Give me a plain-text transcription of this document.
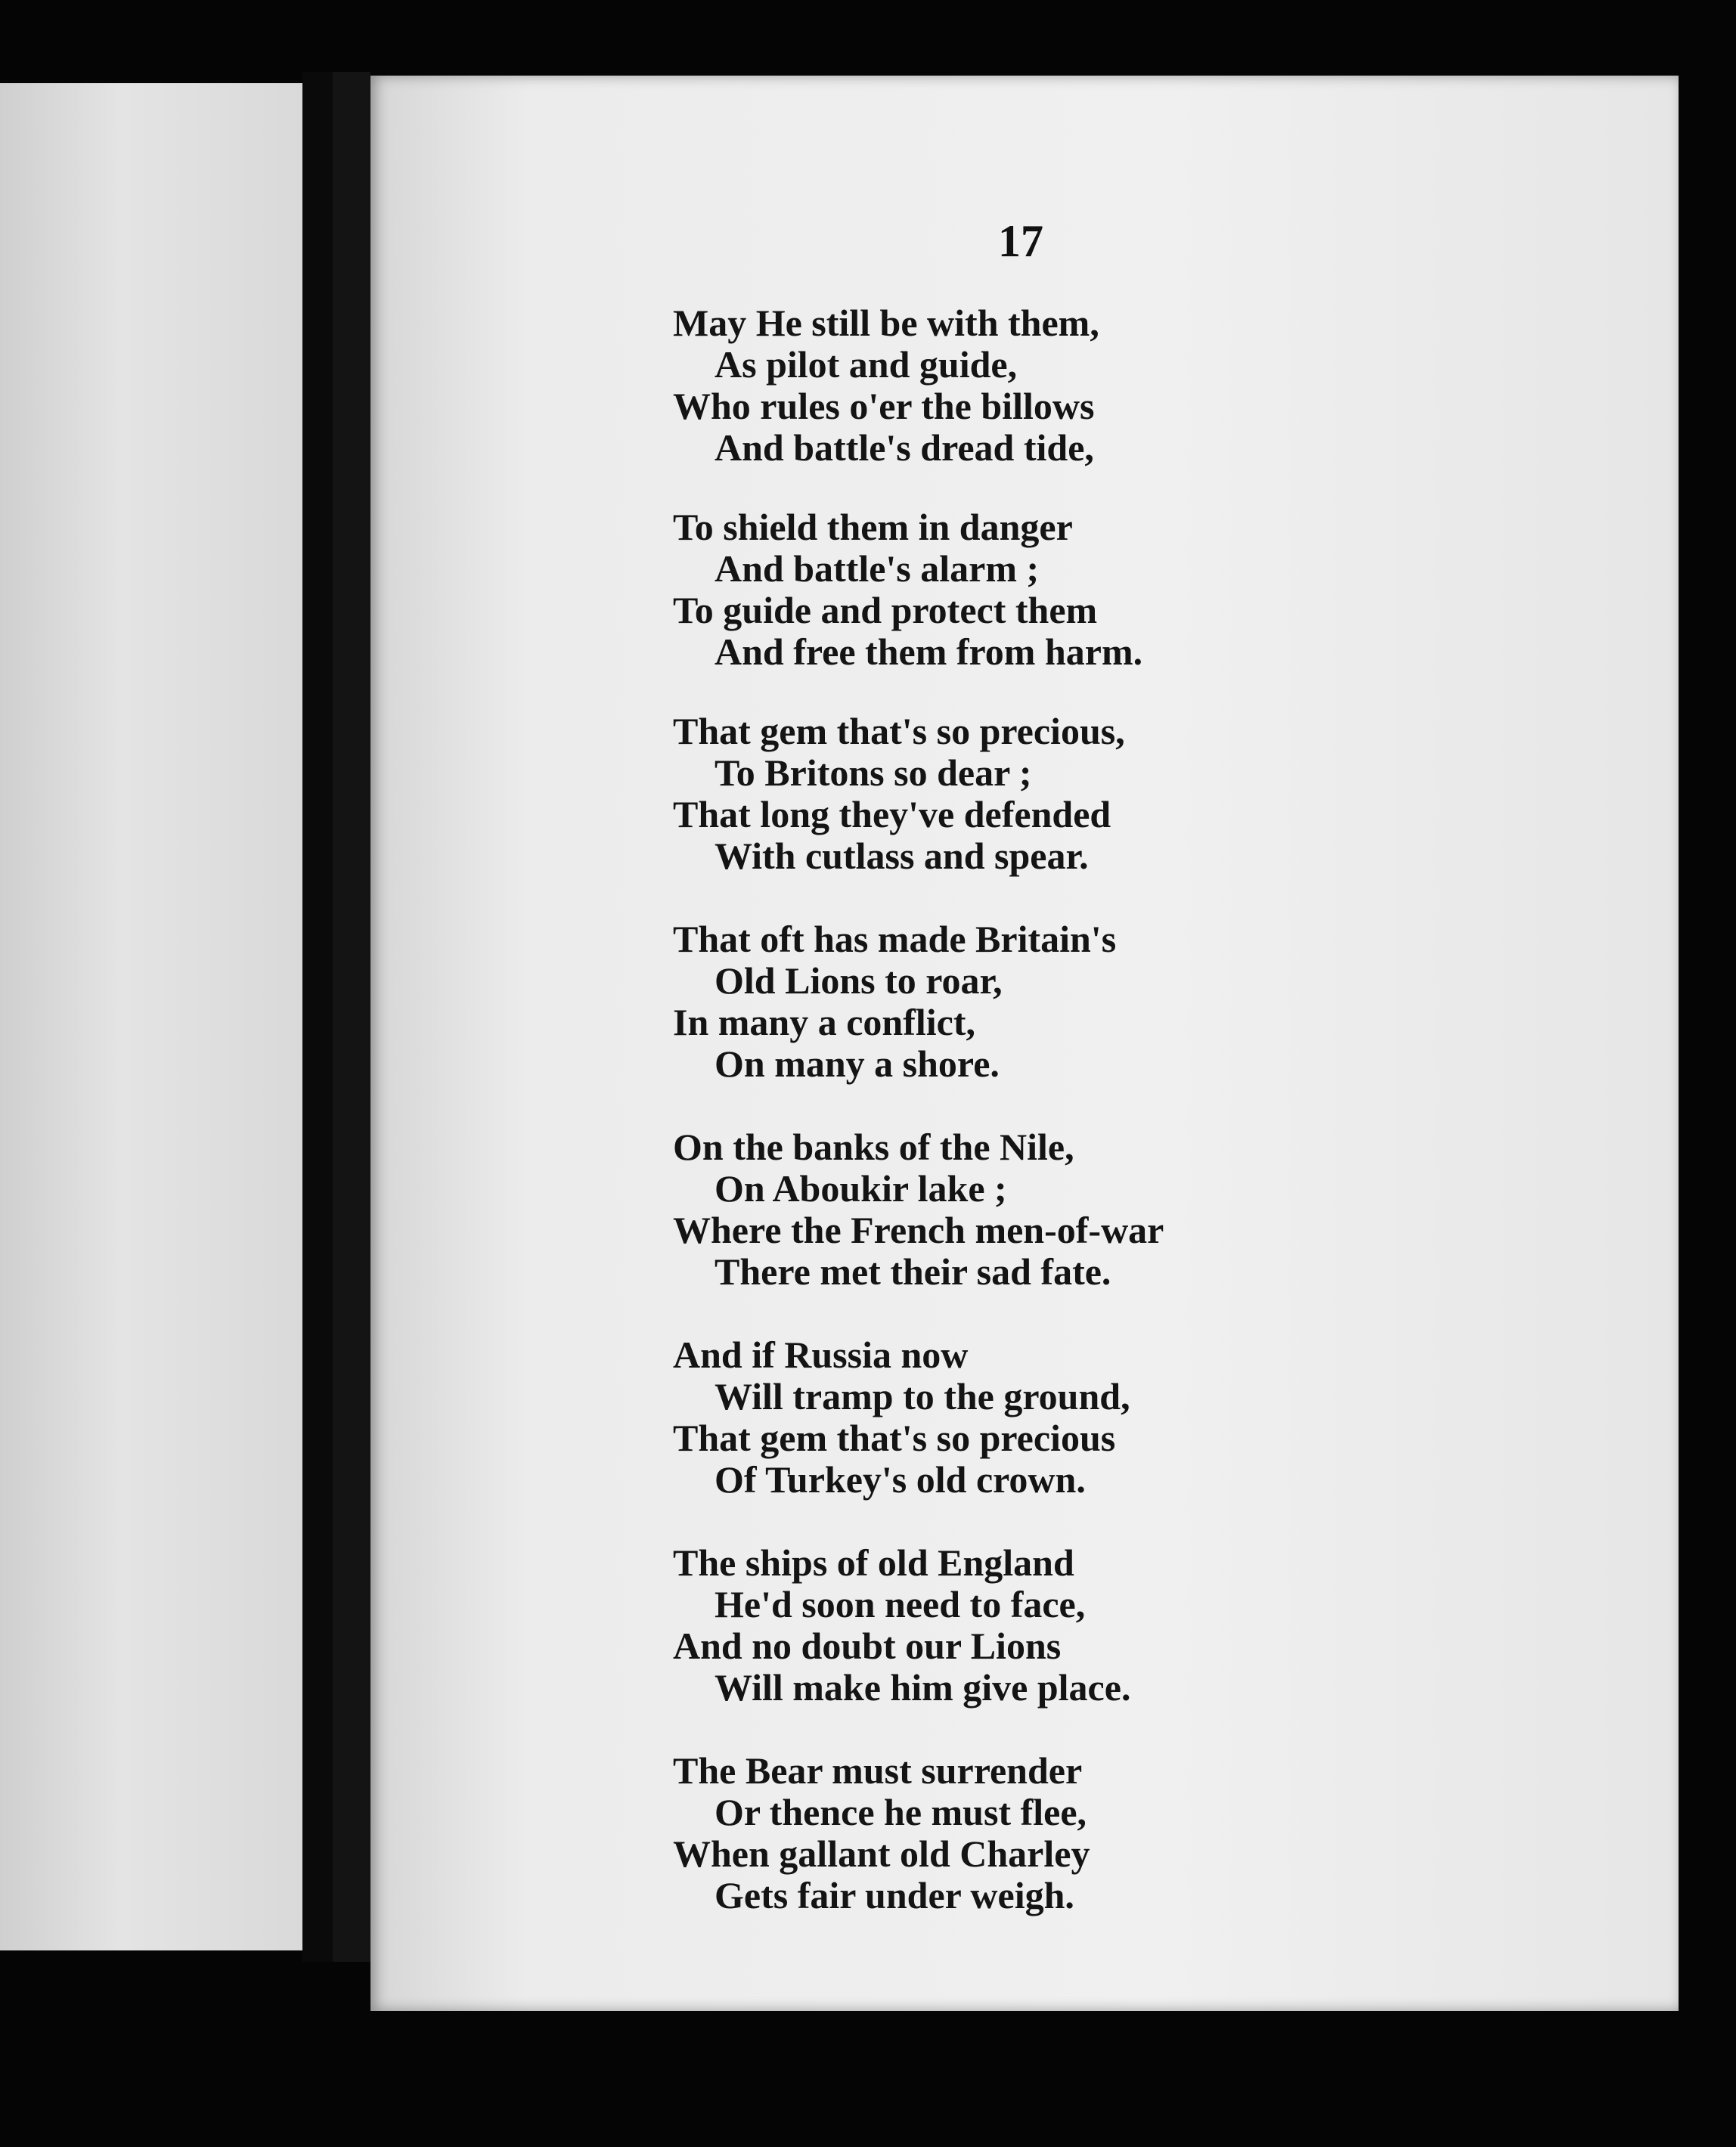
17
May He still be with them,
As pilot and guide,
Who rules o'er the billows
And battle's dread tide,
To shield them in danger
And battle's alarm ;
To guide and protect them
And free them from harm.
That gem that's so precious,
To Britons so dear ;
That long they've defended
With cutlass and spear.
That oft has made Britain's
Old Lions to roar,
In many a conflict,
On many a shore.
On the banks of the Nile,
On Aboukir lake ;
Where the French men-of-war
There met their sad fate.
And if Russia now
Will tramp to the ground,
That gem that's so precious
Of Turkey's old crown.
The ships of old England
He'd soon need to face,
And no doubt our Lions
Will make him give place.
The Bear must surrender
Or thence he must flee,
When gallant old Charley
Gets fair under weigh.
